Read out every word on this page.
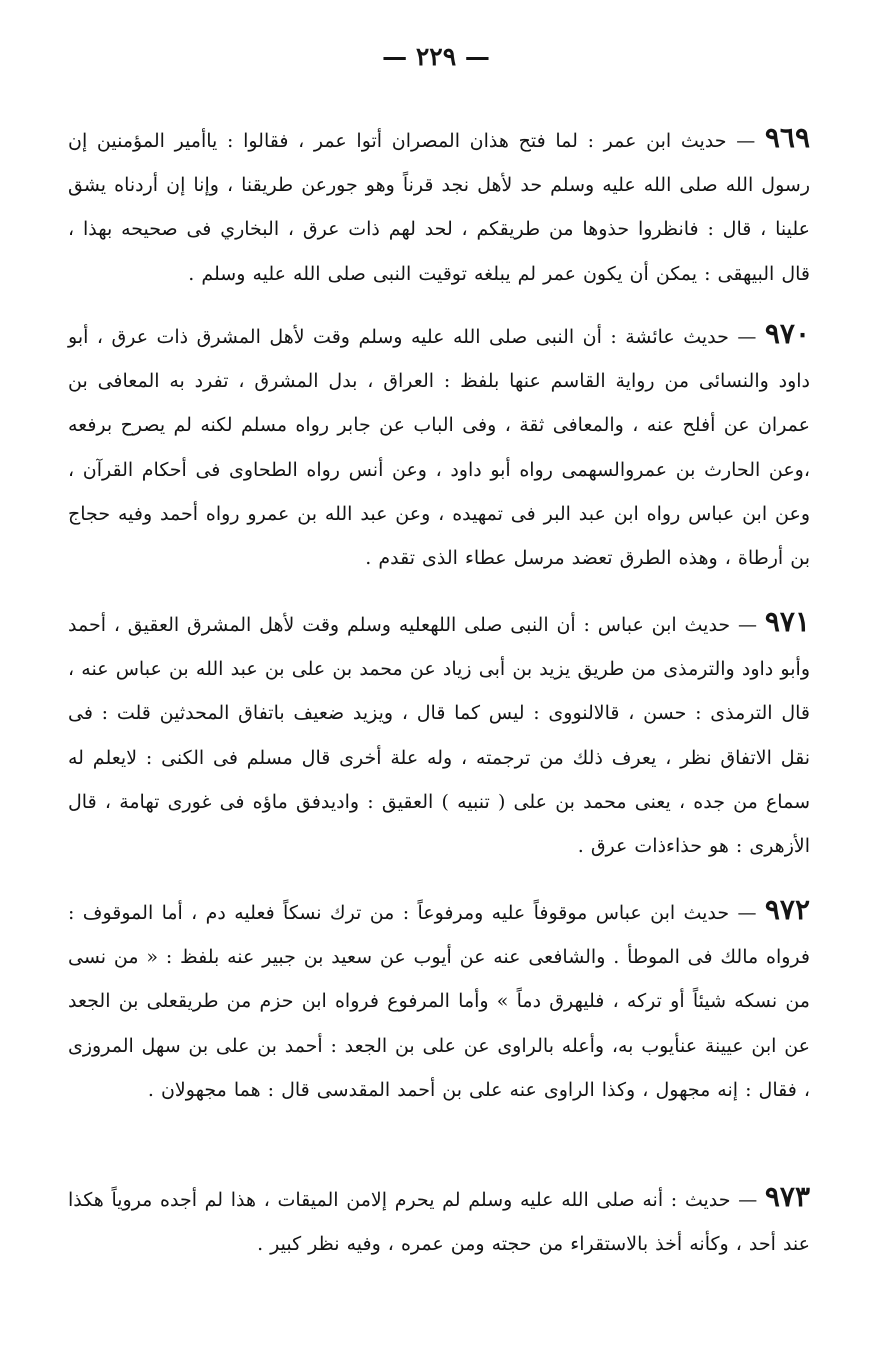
— ٢٢٩ —

٩٦٩ — حديث ابن عمر : لما فتح هذان المصران أتوا عمر ، فقالوا : ياأمير المؤمنين إن رسول الله صلى الله عليه وسلم حد لأهل نجد قرناً وهو جورعن طريقنا ، وإنا إن أردناه يشق علينا ، قال : فانظروا حذوها من طريقكم ، لحد لهم ذات عرق ، البخاري فى صحيحه بهذا ، قال البيهقى : يمكن أن يكون عمر لم يبلغه توقيت النبى صلى الله عليه وسلم .

٩٧٠ — حديث عائشة : أن النبى صلى الله عليه وسلم وقت لأهل المشرق ذات عرق ، أبو داود والنسائى من رواية القاسم عنها بلفظ : العراق ، بدل المشرق ، تفرد به المعافى بن عمران عن أفلح عنه ، والمعافى ثقة ، وفى الباب عن جابر رواه مسلم لكنه لم يصرح برفعه ،وعن الحارث بن عمروالسهمى رواه أبو داود ، وعن أنس رواه الطحاوى فى أحكام القرآن ، وعن ابن عباس رواه ابن عبد البر فى تمهيده ، وعن عبد الله بن عمرو رواه أحمد وفيه حجاج بن أرطاة ، وهذه الطرق تعضد مرسل عطاء الذى تقدم .

٩٧١ — حديث ابن عباس : أن النبى صلى اللهعليه وسلم وقت لأهل المشرق العقيق ، أحمد وأبو داود والترمذى من طريق يزيد بن أبى زياد عن محمد بن على بن عبد الله بن عباس عنه ، قال الترمذى : حسن ، قالالنووى : ليس كما قال ، ويزيد ضعيف باتفاق المحدثين قلت : فى نقل الاتفاق نظر ، يعرف ذلك من ترجمته ، وله علة أخرى قال مسلم فى الكنى : لايعلم له سماع من جده ، يعنى محمد بن على ( تنبيه ) العقيق : واديدفق ماؤه فى غورى تهامة ، قال الأزهرى : هو حذاءذات عرق .

٩٧٢ — حديث ابن عباس موقوفاً عليه ومرفوعاً : من ترك نسكاً فعليه دم ، أما الموقوف : فرواه مالك فى الموطأ . والشافعى عنه عن أيوب عن سعيد بن جبير عنه بلفظ : « من نسى من نسكه شيئاً أو تركه ، فليهرق دماً » وأما المرفوع فرواه ابن حزم من طريقعلى بن الجعد عن ابن عيينة عنأيوب به، وأعله بالراوى عن على بن الجعد : أحمد بن على بن سهل المروزى ، فقال : إنه مجهول ، وكذا الراوى عنه على بن أحمد المقدسى قال : هما مجهولان .

٩٧٣ — حديث : أنه صلى الله عليه وسلم لم يحرم إلامن الميقات ، هذا لم أجده مروياً هكذا عند أحد ، وكأنه أخذ بالاستقراء من حجته ومن عمره ، وفيه نظر كبير .
